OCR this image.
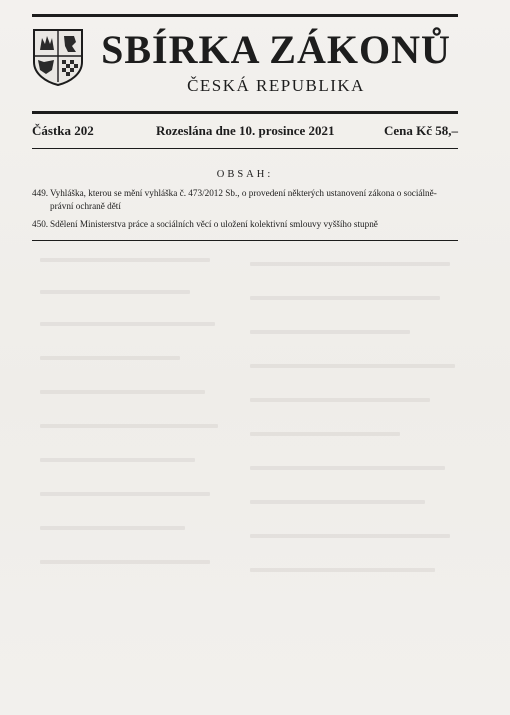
SBÍRKA ZÁKONŮ
ČESKÁ REPUBLIKA
Částka 202	Rozeslána dne 10. prosince 2021	Cena Kč 58,–
OBSAH:
449. Vyhláška, kterou se mění vyhláška č. 473/2012 Sb., o provedení některých ustanovení zákona o sociálně-právní ochraně dětí
450. Sdělení Ministerstva práce a sociálních věcí o uložení kolektivní smlouvy vyššího stupně
